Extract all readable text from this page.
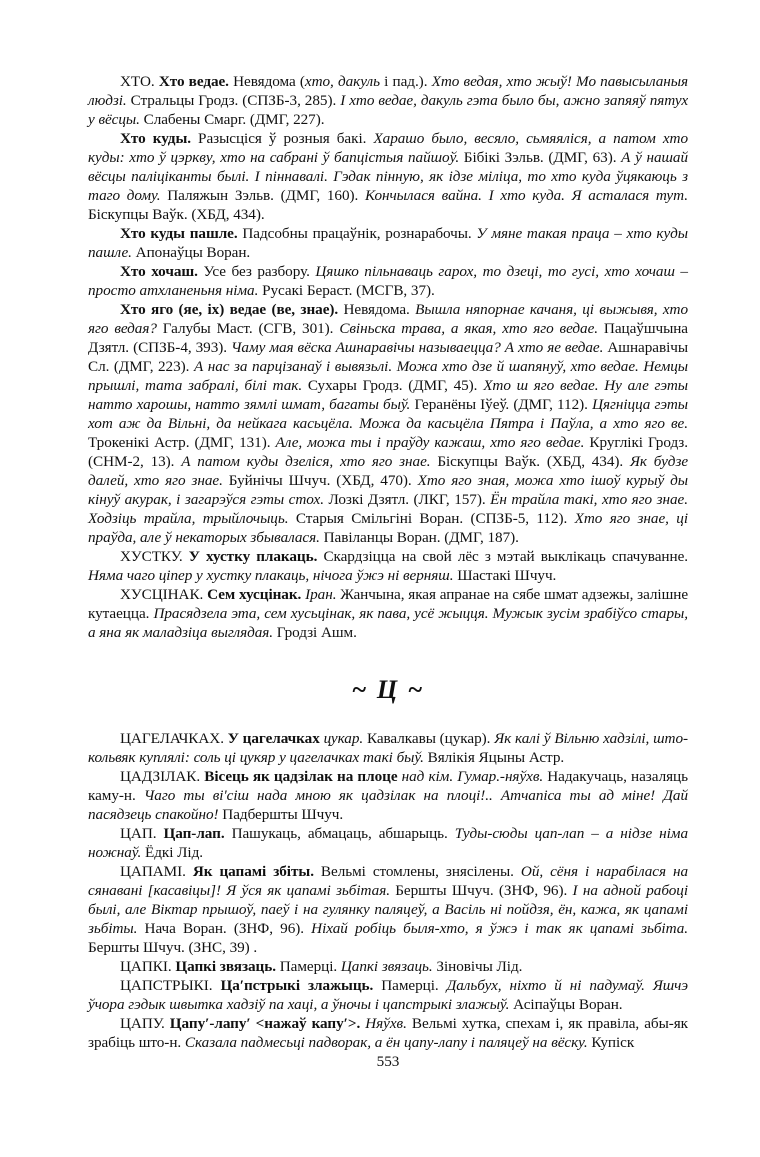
ХТО. Хто ведае. Невядома (хто, дакуль і пад.). Хто ведая, хто жыў! Мо павысыланыя людзі. Стральцы Гродз. (СПЗБ-3, 285). І хто ведае, дакуль гэта было бы, ажно запяяў пятух у вёсцы. Слабены Смарг. (ДМГ, 227).

Хто куды. Разысціся ў розныя бакі. Харашо было, весяло, сьмяяліся, а патом хто куды: хто ў цэркву, хто на сабрані ў бапцістыя пайшоў. Бібікі Зэльв. (ДМГ, 63). А ў нашай вёсцы паліціканты былі. І піннавалі. Гэдак пінную, як ідзе міліца, то хто куда ўцякаюць з таго дому. Паляжын Зэльв. (ДМГ, 160). Кончылася вайна. І хто куда. Я асталася тут. Біскупцы Ваўк. (ХБД, 434).

Хто куды пашле. Падсобны працаўнік, рознарабочы. У мяне такая праца – хто куды пашле. Апонаўцы Воран.

Хто хочаш. Усе без разбору. Цяшко пільнаваць гарох, то дзеці, то гусі, хто хочаш – просто атхланеньня німа. Русакі Бераст. (МСГВ, 37).

Хто яго (яе, іх) ведае (ве, знае). Невядома. Вышла няпорнае качаня, ці выжывя, хто яго ведая? Галубы Маст. (СГВ, 301). Свіньска трава, а якая, хто яго ведае. Пацаўшчына Дзятл. (СПЗБ-4, 393). Чаму мая вёска Ашнаравічы называецца? А хто яе ведае. Ашнаравічы Сл. (ДМГ, 223). А нас за парцізанаў і вывязьлі. Можа хто дзе й шапянуў, хто ведае. Немцы прышлі, тата забралі, білі так. Сухары Гродз. (ДМГ, 45). Хто ш яго ведае. Ну але гэты натто харошы, натто зямлі шмат, багаты быў. Геранёны Іўеў. (ДМГ, 112). Цягніцца гэты хот аж да Вільні, да нейкага касьцёла. Можа да касьцёла Пятра і Паўла, а хто яго ве. Трокенікі Астр. (ДМГ, 131). Але, можа ты і праўду кажаш, хто яго ведае. Круглікі Гродз. (СНМ-2, 13). А патом куды дзеліся, хто яго знае. Біскупцы Ваўк. (ХБД, 434). Як будзе далей, хто яго знае. Буйнічы Шчуч. (ХБД, 470). Хто яго зная, можа хто ішоў курыў ды кінуў акурак, і загарэўся гэты стох. Лозкі Дзятл. (ЛКГ, 157). Ён трайла такі, хто яго знае. Ходзіць трайла, трыйлочыць. Старыя Смільгіні Воран. (СПЗБ-5, 112). Хто яго знае, ці праўда, але ў некаторых збывалася. Павіланцы Воран. (ДМГ, 187).

ХУСТКУ. У хустку плакаць. Скардзіцца на свой лёс з мэтай выклікаць спачуванне. Няма чаго ціпер у хустку плакаць, нічога ўжэ ні верняш. Шастакі Шчуч.

ХУСЦІНАК. Сем хусцінак. Іран. Жанчына, якая апранае на сябе шмат адзежы, залішне кутаецца. Прасядзела эта, сем хусьцінак, як пава, усё жыцця. Мужык зусім зрабіўсо стары, а яна як маладзіца выглядая. Гродзі Ашм.

~ Ц ~

ЦАГЕЛАЧКАХ. У цагелачках цукар. Кавалкавы (цукар). Як калі ў Вільню хадзілі, што-кольвяк куплялі: соль ці цукяр у цагелачках такі быў. Вялікія Яцыны Астр.

ЦАДЗІЛАК. Вісець як цадзілак на плоце над кім. Гумар.-няўхв. Надакучаць, назаляць каму-н. Чаго ты віʹсіш нада мною як цадзілак на плоці!.. Атчапіса ты ад міне! Дай пасядзець спакойно! Падбершты Шчуч.

ЦАП. Цап-лап. Пашукаць, абмацаць, абшарыць. Туды-сюды цап-лап – а нідзе німа ножнаў. Ёдкі Лід.

ЦАПАМІ. Як цапамі збіты. Вельмі стомлены, знясілены. Ой, сёня і нарабілася на сянавані [касавіцы]! Я ўся як цапамі зьбітая. Бершты Шчуч. (ЗНФ, 96). І на адной рабоці былі, але Віктар прышоў, паеў і на гулянку паляцеў, а Васіль ні пойдзя, ён, кажа, як цапамі зьбіты. Нача Воран. (ЗНФ, 96). Ніхай робіць быля-хто, я ўжэ і так як цапамі зьбіта. Бершты Шчуч. (ЗНС, 39) .

ЦАПКІ. Цапкі звязаць. Памерці. Цапкі звязаць. Зіновічы Лід.

ЦАПСТРЫКІ. Цаʹпстрыкі злажыць. Памерці. Дальбух, ніхто й ні падумаў. Яшчэ ўчора гэдык швыткa хадзіў па хаці, а ўночы і цапстрыкі злажыў. Асіпаўцы Воран.

ЦАПУ. Цапуʹ-лапуʹ <нажаў капуʹ>. Няўхв. Вельмі хутка, спехам і, як правіла, абы-як зрабіць што-н. Сказала падмесьці падворак, а ён цапу-лапу і паляцеў на вёску. Купіск

553
